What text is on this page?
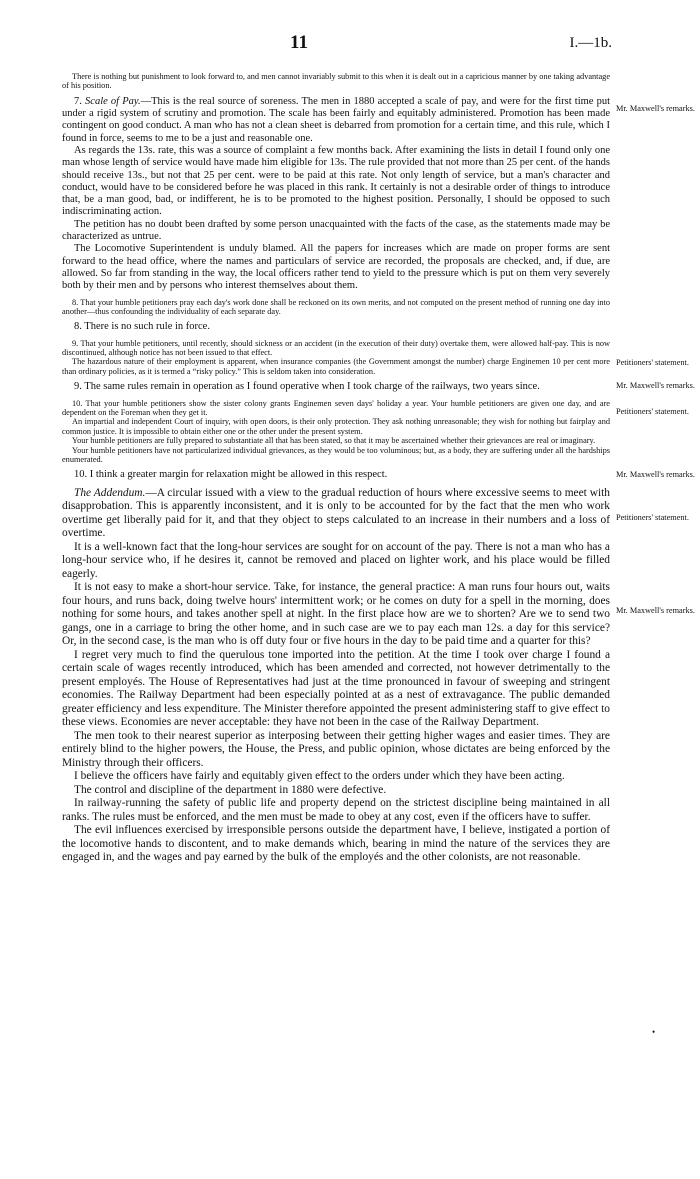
11	I.—1b.

There is nothing but punishment to look forward to, and men cannot invariably submit to this when it is dealt out in a capricious manner by one taking advantage of his position.

7. Scale of Pay.—This is the real source of soreness. The men in 1880 accepted a scale of pay, and were for the first time put under a rigid system of scrutiny and promotion. The scale has been fairly and equitably administered. Promotion has been made contingent on good conduct. A man who has not a clean sheet is debarred from promotion for a certain time, and this rule, which I found in force, seems to me to be a just and reasonable one.

As regards the 13s. rate, this was a source of complaint a few months back. After examining the lists in detail I found only one man whose length of service would have made him eligible for 13s. The rule provided that not more than 25 per cent. of the hands should receive 13s., but not that 25 per cent. were to be paid at this rate. Not only length of service, but a man's character and conduct, would have to be considered before he was placed in this rank. It certainly is not a desirable order of things to introduce that, be a man good, bad, or indifferent, he is to be promoted to the highest position. Personally, I should be opposed to such indiscriminating action.

The petition has no doubt been drafted by some person unacquainted with the facts of the case, as the statements made may be characterized as untrue.

The Locomotive Superintendent is unduly blamed. All the papers for increases which are made on proper forms are sent forward to the head office, where the names and particulars of service are recorded, the proposals are checked, and, if due, are allowed. So far from standing in the way, the local officers rather tend to yield to the pressure which is put on them very severely both by their men and by persons who interest themselves about them.

8. That your humble petitioners pray each day's work done shall be reckoned on its own merits, and not computed on the present method of running one day into another—thus confounding the individuality of each separate day.

8. There is no such rule in force.

9. That your humble petitioners, until recently, should sickness or an accident (in the execution of their duty) overtake them, were allowed half-pay. This is now discontinued, although notice has not been issued to that effect.

The hazardous nature of their employment is apparent, when insurance companies (the Government amongst the number) charge Enginemen 10 per cent more than ordinary policies, as it is termed a “risky policy.” This is seldom taken into consideration.

9. The same rules remain in operation as I found operative when I took charge of the railways, two years since.

10. That your humble petitioners show the sister colony grants Enginemen seven days' holiday a year. Your humble petitioners are given one day, and are dependent on the Foreman when they get it.

An impartial and independent Court of inquiry, with open doors, is their only protection. They ask nothing unreasonable; they wish for nothing but fairplay and common justice. It is impossible to obtain either one or the other under the present system.

Your humble petitioners are fully prepared to substantiate all that has been stated, so that it may be ascertained whether their grievances are real or imaginary.

Your humble petitioners have not particularized individual grievances, as they would be too voluminous; but, as a body, they are suffering under all the hardships enumerated.

10. I think a greater margin for relaxation might be allowed in this respect.

The Addendum.—A circular issued with a view to the gradual reduction of hours where excessive seems to meet with disapprobation. This is apparently inconsistent, and it is only to be accounted for by the fact that the men who work overtime get liberally paid for it, and that they object to steps calculated to an increase in their numbers and a loss of overtime.

It is a well-known fact that the long-hour services are sought for on account of the pay. There is not a man who has a long-hour service who, if he desires it, cannot be removed and placed on lighter work, and his place would be filled eagerly.

It is not easy to make a short-hour service. Take, for instance, the general practice: A man runs four hours out, waits four hours, and runs back, doing twelve hours' intermittent work; or he comes on duty for a spell in the morning, does nothing for some hours, and takes another spell at night. In the first place how are we to shorten? Are we to send two gangs, one in a carriage to bring the other home, and in such case are we to pay each man 12s. a day for this service? Or, in the second case, is the man who is off duty four or five hours in the day to be paid time and a quarter for this?

I regret very much to find the querulous tone imported into the petition. At the time I took over charge I found a certain scale of wages recently introduced, which has been amended and corrected, not however detrimentally to the present employés. The House of Representatives had just at the time pronounced in favour of sweeping and stringent economies. The Railway Department had been especially pointed at as a nest of extravagance. The public demanded greater efficiency and less expenditure. The Minister therefore appointed the present administering staff to give effect to these views. Economies are never acceptable: they have not been in the case of the Railway Department.

The men took to their nearest superior as interposing between their getting higher wages and easier times. They are entirely blind to the higher powers, the House, the Press, and public opinion, whose dictates are being enforced by the Ministry through their officers.

I believe the officers have fairly and equitably given effect to the orders under which they have been acting.

The control and discipline of the department in 1880 were defective.

In railway-running the safety of public life and property depend on the strictest discipline being maintained in all ranks. The rules must be enforced, and the men must be made to obey at any cost, even if the officers have to suffer.

The evil influences exercised by irresponsible persons outside the department have, I believe, instigated a portion of the locomotive hands to discontent, and to make demands which, bearing in mind the nature of the services they are engaged in, and the wages and pay earned by the bulk of the employés and the other colonists, are not reasonable.

Mr. Maxwell's remarks.
Petitioners' statement.
Mr. Maxwell's remarks.
Petitioners' statement.
Mr. Maxwell's remarks.
Petitioners' statement.
Mr. Maxwell's remarks.
•
